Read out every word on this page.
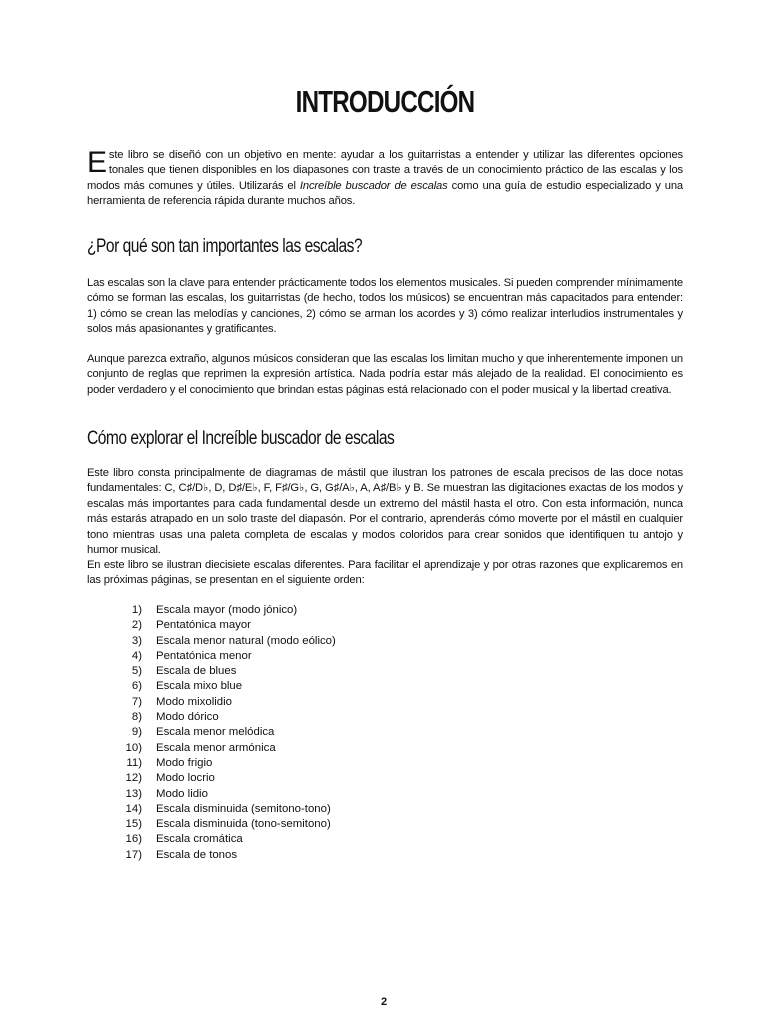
INTRODUCCIÓN

Este libro se diseñó con un objetivo en mente: ayudar a los guitarristas a entender y utilizar las diferentes opciones tonales que tienen disponibles en los diapasones con traste a través de un conocimiento práctico de las escalas y los modos más comunes y útiles. Utilizarás el Increíble buscador de escalas como una guía de estudio especializado y una herramienta de referencia rápida durante muchos años.

¿Por qué son tan importantes las escalas?

Las escalas son la clave para entender prácticamente todos los elementos musicales. Si pueden comprender mínimamente cómo se forman las escalas, los guitarristas (de hecho, todos los músicos) se encuentran más capacitados para entender: 1) cómo se crean las melodías y canciones, 2) cómo se arman los acordes y 3) cómo realizar interludios instrumentales y solos más apasionantes y gratificantes.

Aunque parezca extraño, algunos músicos consideran que las escalas los limitan mucho y que inherentemente imponen un conjunto de reglas que reprimen la expresión artística. Nada podría estar más alejado de la realidad. El conocimiento es poder verdadero y el conocimiento que brindan estas páginas está relacionado con el poder musical y la libertad creativa.

Cómo explorar el Increíble buscador de escalas

Este libro consta principalmente de diagramas de mástil que ilustran los patrones de escala precisos de las doce notas fundamentales: C, C♯/D♭, D, D♯/E♭, F, F♯/G♭, G, G♯/A♭, A, A♯/B♭ y B. Se muestran las digitaciones exactas de los modos y escalas más importantes para cada fundamental desde un extremo del mástil hasta el otro. Con esta información, nunca más estarás atrapado en un solo traste del diapasón. Por el contrario, aprenderás cómo moverte por el mástil en cualquier tono mientras usas una paleta completa de escalas y modos coloridos para crear sonidos que identifiquen tu antojo y humor musical.

En este libro se ilustran diecisiete escalas diferentes. Para facilitar el aprendizaje y por otras razones que explicaremos en las próximas páginas, se presentan en el siguiente orden:

1)	Escala mayor (modo jónico)
2)	Pentatónica mayor
3)	Escala menor natural (modo eólico)
4)	Pentatónica menor
5)	Escala de blues
6)	Escala mixo blue
7)	Modo mixolidio
8)	Modo dórico
9)	Escala menor melódica
10)	Escala menor armónica
11)	Modo frigio
12)	Modo locrio
13)	Modo lidio
14)	Escala disminuida (semitono-tono)
15)	Escala disminuida (tono-semitono)
16)	Escala cromática
17)	Escala de tonos
2
